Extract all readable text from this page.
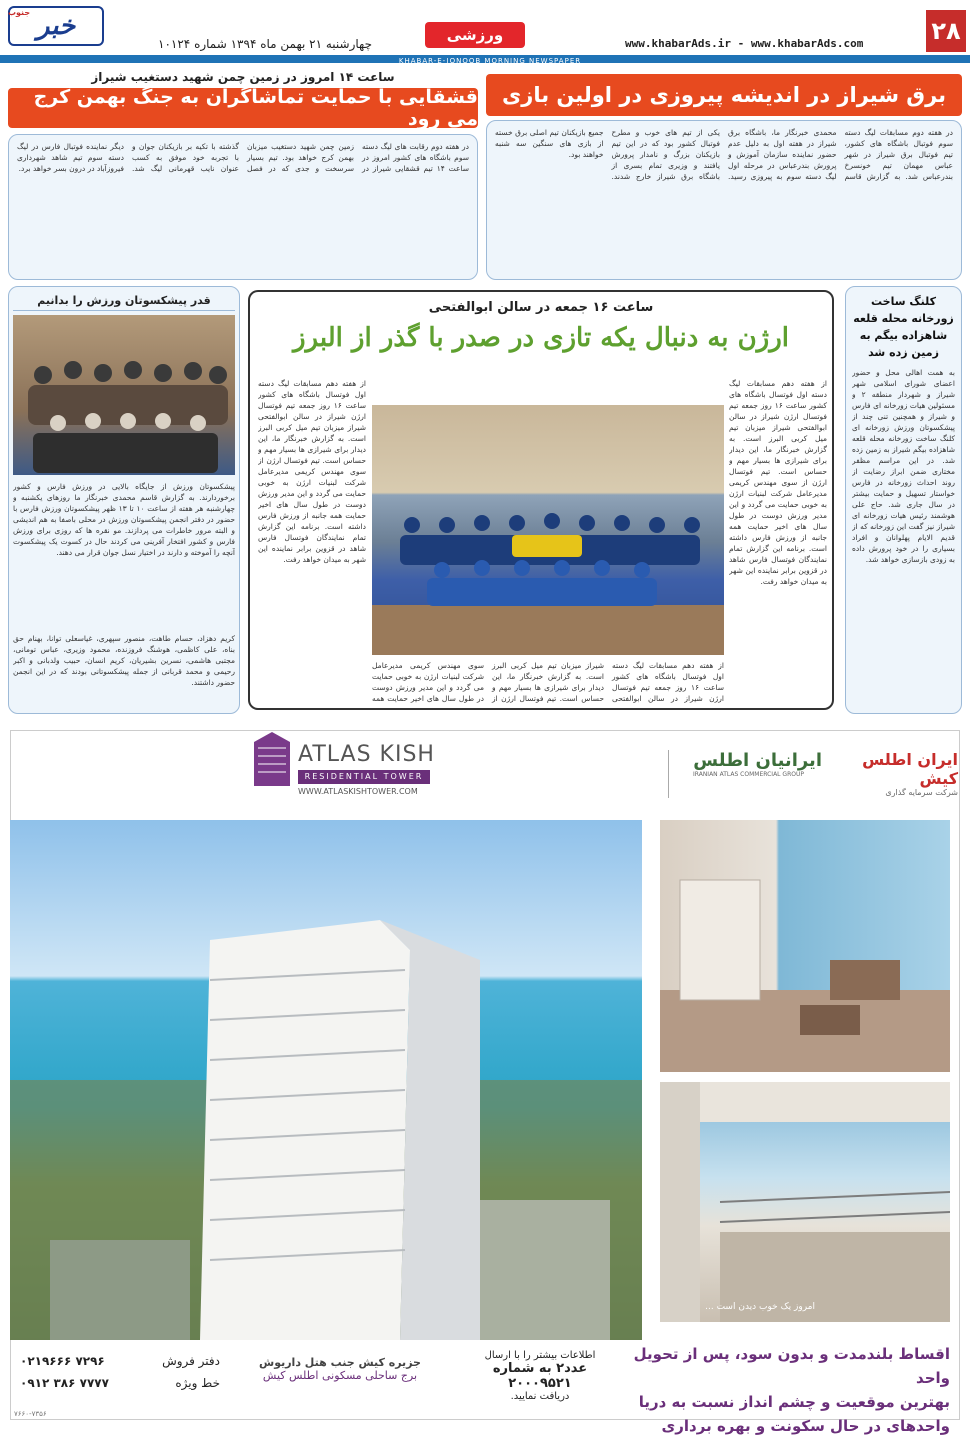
۲۸
www.khabarAds.ir - www.khabarAds.com
ورزشی
چهارشنبه ۲۱ بهمن ماه ۱۳۹۴ شماره ۱۰۱۲۴
خبر
جنوب
KHABAR-E-JONOOB MORNING NEWSPAPER
برق شیراز در اندیشه پیروزی در اولین بازی
ساعت ۱۴ امروز در زمین چمن شهید دستغیب شیراز
قشقایی با حمایت تماشاگران به جنگ بهمن کرج می رود
در هفته دوم مسابقات لیگ دسته سوم فوتبال باشگاه های کشور، تیم فوتبال برق شیراز در شهر عباس مهمان تیم خونسرخ بندرعباس شد. به گزارش قاسم محمدی خبرنگار ما، باشگاه برق شیراز در هفته اول به دلیل عدم حضور نماینده سازمان آموزش و پرورش بندرعباس در مرحله اول لیگ دسته سوم به پیروزی رسید. یکی از تیم های خوب و مطرح فوتبال کشور بود که در این تیم بازیکنان بزرگ و نامدار پرورش یافتند و وزیری تمام بسری از باشگاه برق شیراز خارج شدند. جمیع بازیکنان تیم اصلی برق خسته از بازی های سنگین سه شنبه خواهند بود.
در هفته دوم رقابت های لیگ دسته سوم باشگاه های کشور امروز در ساعت ۱۴ تیم قشقایی شیراز در زمین چمن شهید دستغیب میزبان بهمن کرج خواهد بود. تیم بسیار سرسخت و جدی که در فصل گذشته با تکیه بر بازیکنان جوان و با تجربه خود موفق به کسب عنوان نایب قهرمانی لیگ شد. دیگر نماینده فوتبال فارس در لیگ دسته سوم تیم شاهد شهرداری فیروزآباد در درون بسر خواهد برد.
کلنگ ساخت زورخانه محله قلعه شاهزاده بیگم به زمین زده شد
به همت اهالی محل و حضور اعضای شورای اسلامی شهر شیراز و شهردار منطقه ۲ و مسئولین هیات زورخانه ای فارس و شیراز و همچنین تنی چند از پیشکسوتان ورزش زورخانه ای کلنگ ساخت زورخانه محله قلعه شاهزاده بیگم شیراز به زمین زده شد. در این مراسم مظفر مختاری ضمن ابراز رضایت از روند احداث زورخانه در فارس خواستار تسهیل و حمایت بیشتر در سال جاری شد. حاج علی هوشمند رئیس هیات زورخانه ای شیراز نیز گفت این زورخانه که از قدیم الایام پهلوانان و افراد بسیاری را در خود پرورش داده به زودی بازسازی خواهد شد.
ساعت ۱۶ جمعه در سالن ابوالفتحی
ارژن به دنبال یکه تازی در صدر با گذر از البرز
از هفته دهم مسابقات لیگ دسته اول فوتسال باشگاه های کشور ساعت ۱۶ روز جمعه تیم فوتسال ارژن شیراز در سالن ابوالفتحی شیراز میزبان تیم میل کربی البرز است. به گزارش خبرنگار ما، این دیدار برای شیرازی ها بسیار مهم و حساس است. تیم فوتسال ارژن از سوی مهندس کریمی مدیرعامل شرکت لبنیات ارژن به خوبی حمایت می گردد و این مدیر ورزش دوست در طول سال های اخیر حمایت همه جانبه از ورزش فارس داشته است. برنامه این گزارش تمام نمایندگان فوتسال فارس شاهد در قزوین برابر نماینده این شهر به میدان خواهد رفت.
از هفته دهم مسابقات لیگ دسته اول فوتسال باشگاه های کشور ساعت ۱۶ روز جمعه تیم فوتسال ارژن شیراز در سالن ابوالفتحی شیراز میزبان تیم میل کربی البرز است. به گزارش خبرنگار ما، این دیدار برای شیرازی ها بسیار مهم و حساس است. تیم فوتسال ارژن از سوی مهندس کریمی مدیرعامل شرکت لبنیات ارژن به خوبی حمایت می گردد و این مدیر ورزش دوست در طول سال های اخیر حمایت همه جانبه از ورزش فارس داشته است. برنامه این گزارش تمام نمایندگان فوتسال فارس شاهد در قزوین برابر نماینده این شهر به میدان خواهد رفت.
از هفته دهم مسابقات لیگ دسته اول فوتسال باشگاه های کشور ساعت ۱۶ روز جمعه تیم فوتسال ارژن شیراز در سالن ابوالفتحی شیراز میزبان تیم میل کربی البرز است. به گزارش خبرنگار ما، این دیدار برای شیرازی ها بسیار مهم و حساس است. تیم فوتسال ارژن از سوی مهندس کریمی مدیرعامل شرکت لبنیات ارژن به خوبی حمایت می گردد و این مدیر ورزش دوست در طول سال های اخیر حمایت همه
قدر پیشکسوتان ورزش را بدانیم
پیشکسوتان ورزش از جایگاه بالایی در ورزش فارس و کشور برخوردارند. به گزارش قاسم محمدی خبرنگار ما روزهای یکشنبه و چهارشنبه هر هفته از ساعت ۱۰ تا ۱۳ ظهر پیشکسوتان ورزش فارس با حضور در دفتر انجمن پیشکسوتان ورزش در محلی باصفا به هم اندیشی و البته مرور خاطرات می پردازند. مو نقره ها که روزی برای ورزش فارس و کشور افتخار آفرینی می کردند حال در کسوت یک پیشکسوت آنچه را آموخته و دارند در اختیار نسل جوان قرار می دهند.
کریم دهزاد، حسام طاهت، منصور سپهری، غیاسعلی توانا، بهنام حق بناه، علی کاظمی، هوشنگ فروزنده، محمود وزیری، عباس تومانی، مجتبی هاشمی، نسرین بشیریان، کریم انسان، حبیب ولدبانی و اکبر رحیمی و محمد قربانی از جمله پیشکسوتانی بودند که در این انجمن حضور داشتند.
ATLAS KISH
RESIDENTIAL TOWER
WWW.ATLASKISHTOWER.COM
ایرانیان اطلس
IRANIAN ATLAS COMMERCIAL GROUP
ایران اطلس کیش
شرکت سرمایه گذاری
امروز یک خوب دیدن است ...
اقساط بلندمدت و بدون سود، پس از تحویل واحد
بهترین موقعیت و چشم انداز نسبت به دریا
واحدهای در حال سکونت و بهره برداری
اطلاعات بیشتر را با ارسال
عدد۲ به شماره ۲۰۰۰۹۵۲۱
دریافت نمایید.
جزیره کیش جنب هتل داریوش
برج ساحلی مسکونی اطلس کیش
دفتر فروش
۰۲۱۹۶۶۶ ۷۲۹۶
خط ویژه
۰۹۱۲ ۳۸۶ ۷۷۷۷
۷۶۶۰-۷۳۵۶
